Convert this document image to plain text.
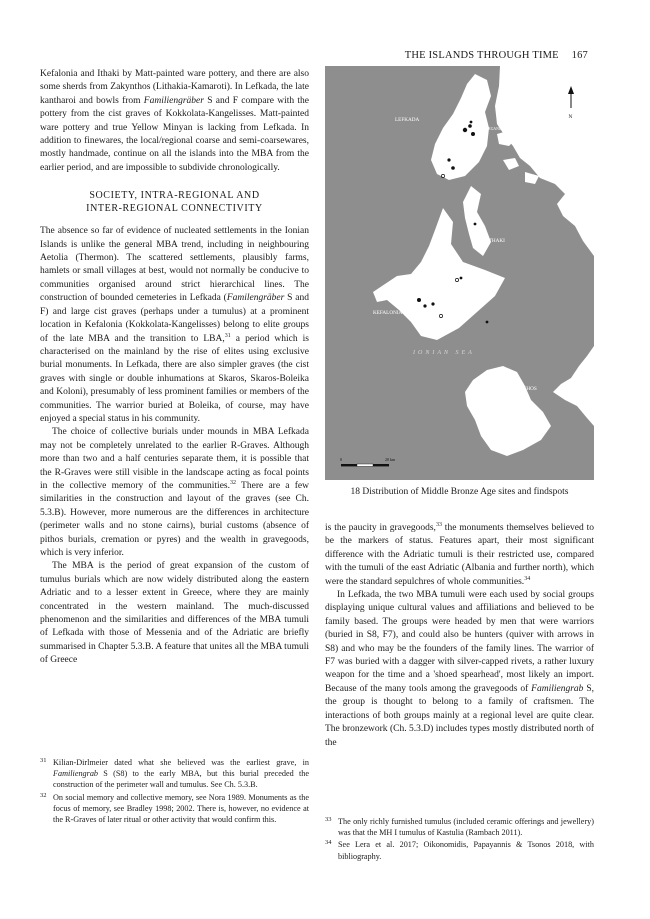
THE ISLANDS THROUGH TIME 167

Kefalonia and Ithaki by Matt-painted ware pottery, and there are also some sherds from Zakynthos (Lithakia-Kamaroti). In Lefkada, the late kantharoi and bowls from Familiengräber S and F compare with the pottery from the cist graves of Kokkolata-Kangelisses. Matt-painted ware pottery and true Yellow Minyan is lacking from Lefkada. In addition to finewares, the local/regional coarse and semi-coarsewares, mostly handmade, continue on all the islands into the MBA from the earlier period, and are impossible to subdivide chronologically.

SOCIETY, INTRA-REGIONAL AND
INTER-REGIONAL CONNECTIVITY

The absence so far of evidence of nucleated settlements in the Ionian Islands is unlike the general MBA trend, including in neighbouring Aetolia (Thermon). The scattered settlements, plausibly farms, hamlets or small villages at best, would not normally be conducive to communities organised around strict hierarchical lines. The construction of bounded cemeteries in Lefkada (Familengräber S and F) and large cist graves (perhaps under a tumulus) at a prominent location in Kefalonia (Kokkolata-Kangelisses) belong to elite groups of the late MBA and the transition to LBA,$^{31}$ a period which is characterised on the mainland by the rise of elites using exclusive burial monuments. In Lefkada, there are also simpler graves (the cist graves with single or double inhumations at Skaros, Skaros-Boleika and Koloni), presumably of less prominent families or members of the communities. The warrior buried at Boleika, of course, may have enjoyed a special status in his community.

The choice of collective burials under mounds in MBA Lefkada may not be completely unrelated to the earlier R-Graves. Although more than two and a half centuries separate them, it is possible that the R-Graves were still visible in the landscape acting as focal points in the collective memory of the communities.$^{32}$ There are a few similarities in the construction and layout of the graves (see Ch. 5.3.B). However, more numerous are the differences in architecture (perimeter walls and no stone cairns), burial customs (absence of pithos burials, cremation or pyres) and the wealth in gravegoods, which is very inferior.

The MBA is the period of great expansion of the custom of tumulus burials which are now widely distributed along the eastern Adriatic and to a lesser extent in Greece, where they are mainly concentrated in the western mainland. The much-discussed phenomenon and the similarities and differences of the MBA tumuli of Lefkada with those of Messenia and of the Adriatic are briefly summarised in Chapter 5.3.B. A feature that unites all the MBA tumuli of Greece

31 Kilian-Dirlmeier dated what she believed was the earliest grave, in Familiengrab S (S8) to the early MBA, but this burial preceded the construction of the perimeter wall and tumulus. See Ch. 5.3.B.
32 On social memory and collective memory, see Nora 1989. Monuments as the focus of memory, see Bradley 1998; 2002. There is, however, no evidence at the R-Graves of later ritual or other activity that would confirm this.
AKARNANIA
LEFKADA
MEGANISI
ITHAKI
KEFALONIA
IONIAN SEA
ZAKYNTHOS
N
0	20 km
18 Distribution of Middle Bronze Age sites and findspots

is the paucity in gravegoods,$^{33}$ the monuments themselves believed to be the markers of status. Features apart, their most significant difference with the Adriatic tumuli is their restricted use, compared with the tumuli of the east Adriatic (Albania and further north), which were the standard sepulchres of whole communities.$^{34}$

In Lefkada, the two MBA tumuli were each used by social groups displaying unique cultural values and affiliations and believed to be family based. The groups were headed by men that were warriors (buried in S8, F7), and could also be hunters (quiver with arrows in S8) and who may be the founders of the family lines. The warrior of F7 was buried with a dagger with silver-capped rivets, a rather luxury weapon for the time and a 'shoed spearhead', most likely an import. Because of the many tools among the gravegoods of Familiengrab S, the group is thought to belong to a family of craftsmen. The interactions of both groups mainly at a regional level are quite clear. The bronzework (Ch. 5.3.D) includes types mostly distributed north of the

33 The only richly furnished tumulus (included ceramic offerings and jewellery) was that the MH I tumulus of Kastulia (Rambach 2011).
34 See Lera et al. 2017; Oikonomidis, Papayannis & Tsonos 2018, with bibliography.
